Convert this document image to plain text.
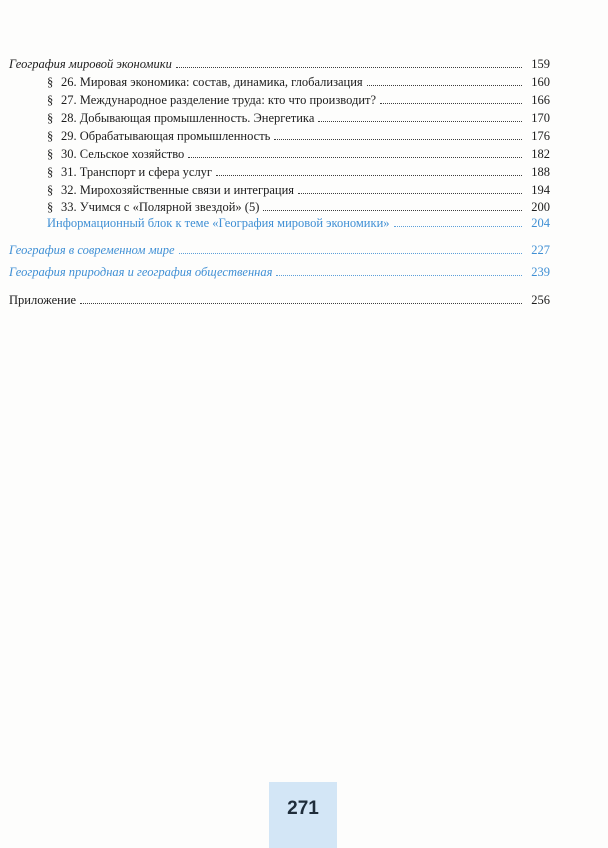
География мировой экономики	159
§ 26. Мировая экономика: состав, динамика, глобализация	160
§ 27. Международное разделение труда: кто что производит?	166
§ 28. Добывающая промышленность. Энергетика	170
§ 29. Обрабатывающая промышленность	176
§ 30. Сельское хозяйство	182
§ 31. Транспорт и сфера услуг	188
§ 32. Мирохозяйственные связи и интеграция	194
§ 33. Учимся с «Полярной звездой» (5)	200
Информационный блок к теме «География мировой экономики»	204
География в современном мире	227
География природная и география общественная	239
Приложение	256
271
